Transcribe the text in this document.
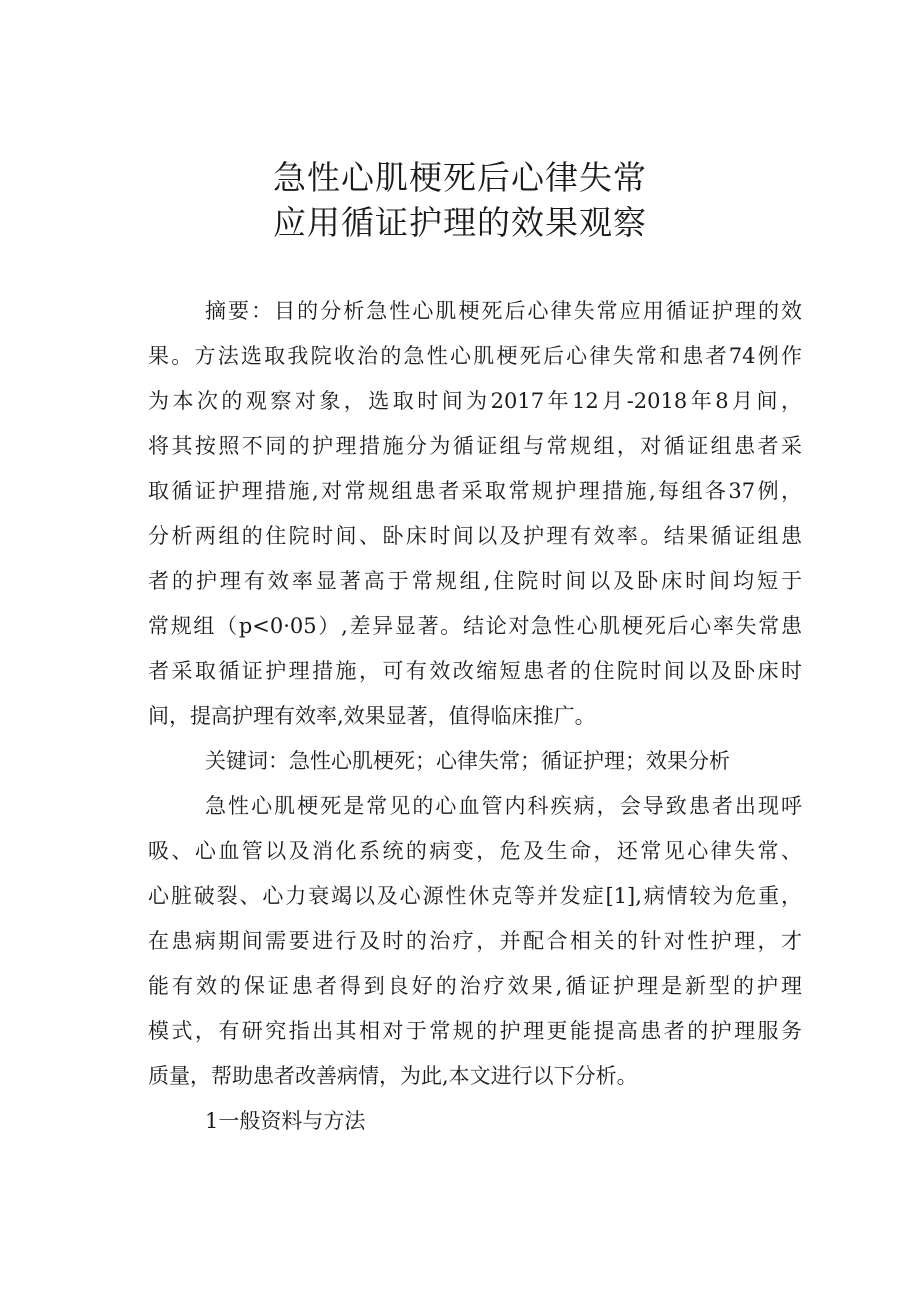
急性心肌梗死后心律失常
应用循证护理的效果观察
摘要：目的分析急性心肌梗死后心律失常应用循证护理的效
果。方法选取我院收治的急性心肌梗死后心律失常和患者74例作
为本次的观察对象，选取时间为2017年12月-2018年8月间，
将其按照不同的护理措施分为循证组与常规组，对循证组患者采
取循证护理措施,对常规组患者采取常规护理措施,每组各37例，
分析两组的住院时间、卧床时间以及护理有效率。结果循证组患
者的护理有效率显著高于常规组,住院时间以及卧床时间均短于
常规组（p<0·05）,差异显著。结论对急性心肌梗死后心率失常患
者采取循证护理措施，可有效改缩短患者的住院时间以及卧床时
间，提高护理有效率,效果显著，值得临床推广。
关键词：急性心肌梗死；心律失常；循证护理；效果分析
急性心肌梗死是常见的心血管内科疾病，会导致患者出现呼
吸、心血管以及消化系统的病变，危及生命，还常见心律失常、
心脏破裂、心力衰竭以及心源性休克等并发症[1],病情较为危重，
在患病期间需要进行及时的治疗，并配合相关的针对性护理，才
能有效的保证患者得到良好的治疗效果,循证护理是新型的护理
模式，有研究指出其相对于常规的护理更能提高患者的护理服务
质量，帮助患者改善病情，为此,本文进行以下分析。
1一般资料与方法
